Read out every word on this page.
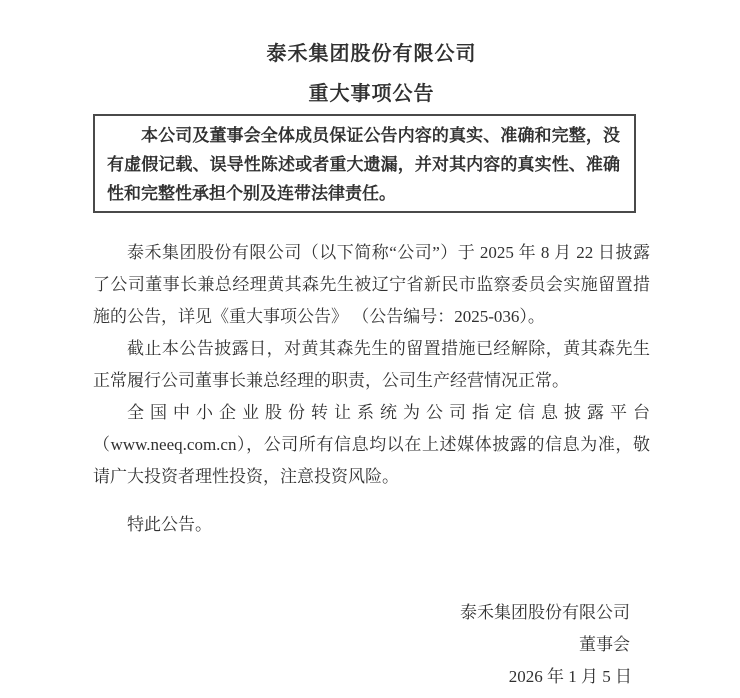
泰禾集团股份有限公司
重大事项公告

本公司及董事会全体成员保证公告内容的真实、准确和完整，没有虚假记载、误导性陈述或者重大遗漏，并对其内容的真实性、准确性和完整性承担个别及连带法律责任。

泰禾集团股份有限公司（以下简称“公司”）于 2025 年 8 月 22 日披露了公司董事长兼总经理黄其森先生被辽宁省新民市监察委员会实施留置措施的公告，详见《重大事项公告》 （公告编号：2025-036）。

截止本公告披露日，对黄其森先生的留置措施已经解除，黄其森先生正常履行公司董事长兼总经理的职责，公司生产经营情况正常。

全国中小企业股份转让系统为公司指定信息披露平台（www.neeq.com.cn），公司所有信息均以在上述媒体披露的信息为准，敬请广大投资者理性投资，注意投资风险。

特此公告。

泰禾集团股份有限公司
董事会
2026 年 1 月 5 日
